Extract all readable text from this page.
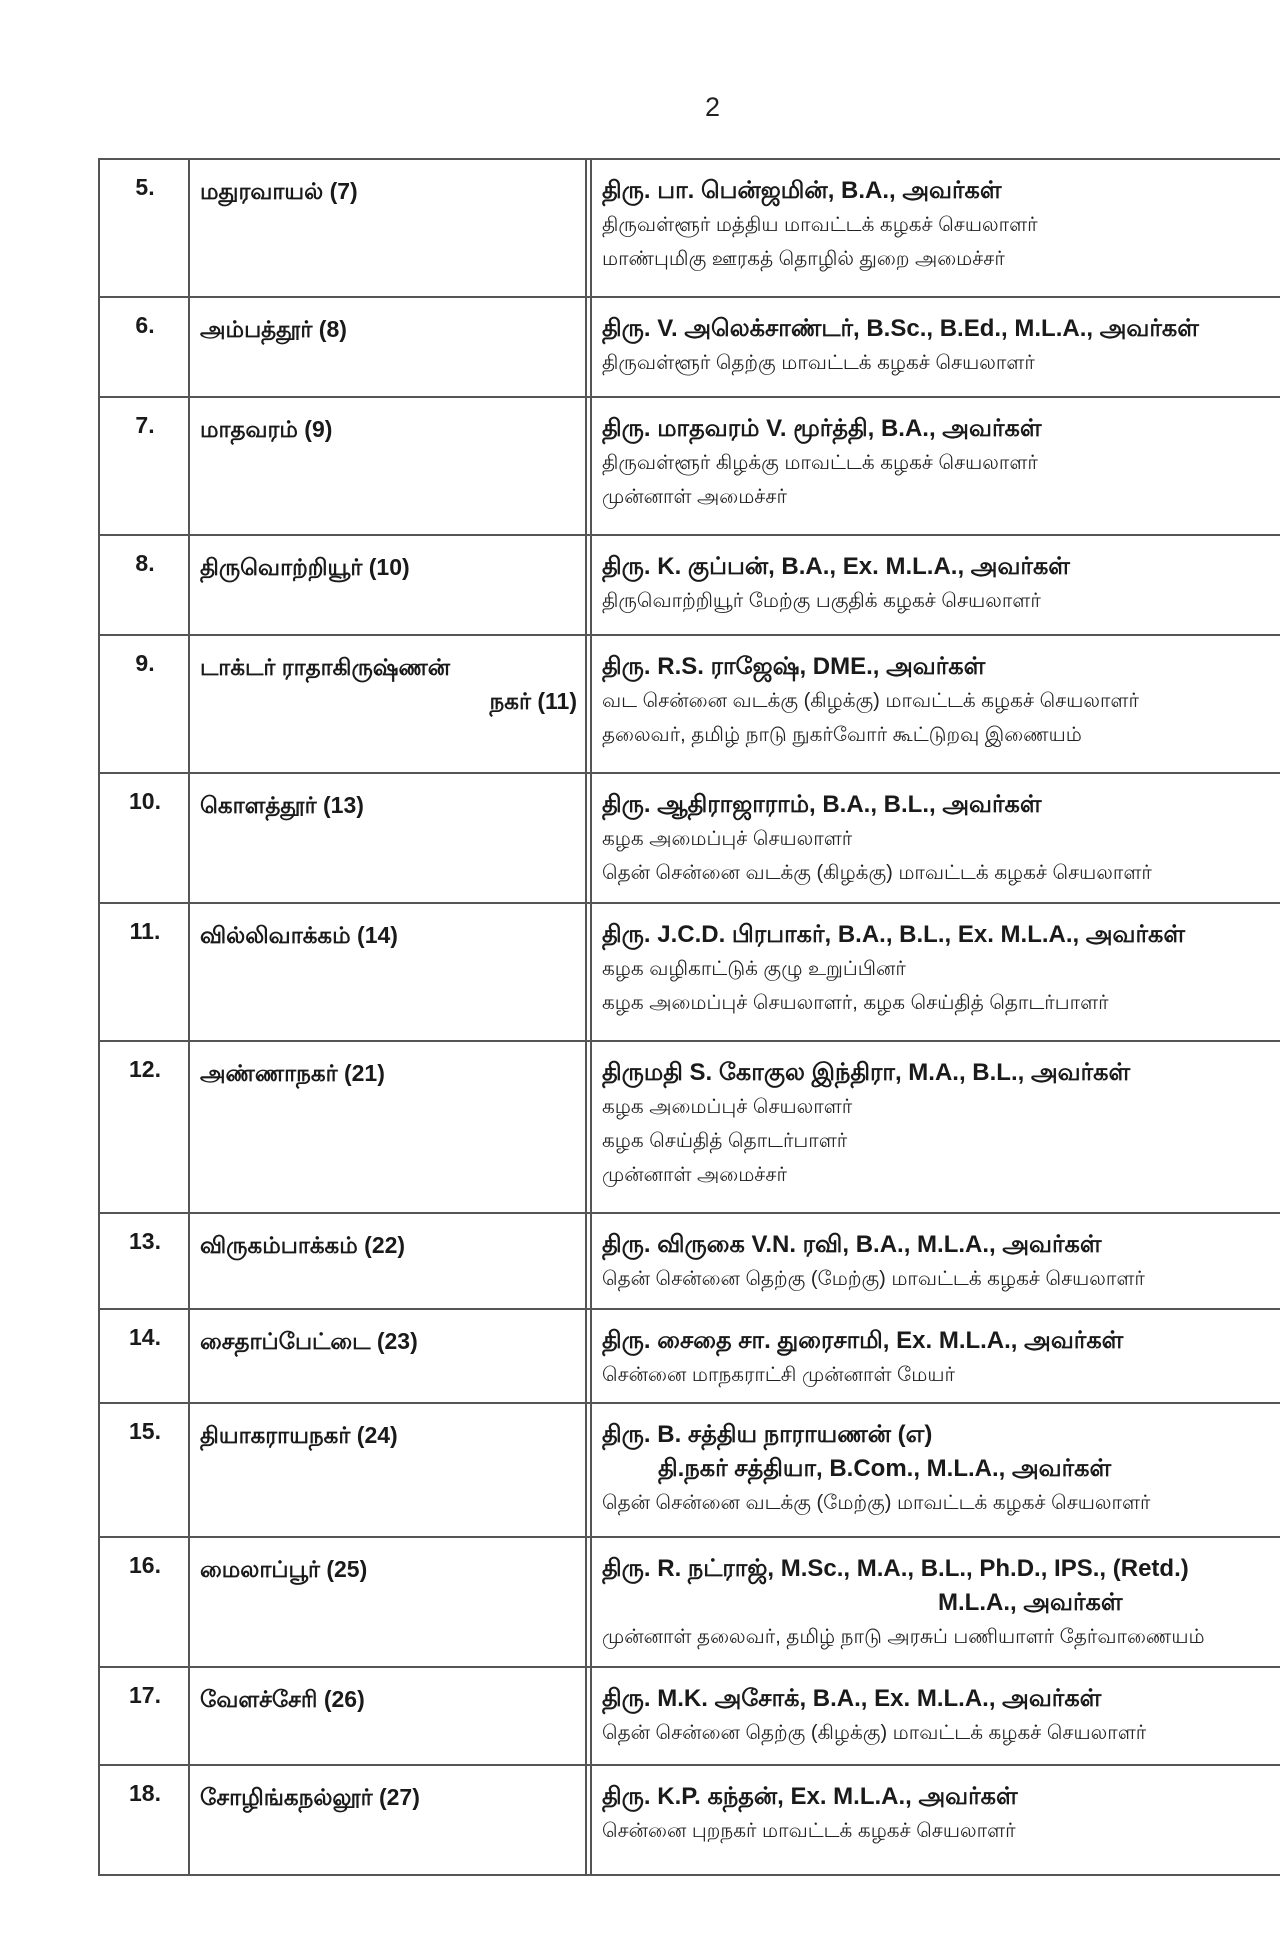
2
5.	மதுரவாயல் (7)		திரு. பா. பென்ஜமின், B.A., அவர்கள்
திருவள்ளூர் மத்திய மாவட்டக் கழகச் செயலாளர்
மாண்புமிகு ஊரகத் தொழில் துறை அமைச்சர்

6.	அம்பத்தூர் (8)		திரு. V. அலெக்சாண்டர், B.Sc., B.Ed., M.L.A., அவர்கள்
திருவள்ளூர் தெற்கு மாவட்டக் கழகச் செயலாளர்

7.	மாதவரம் (9)		திரு. மாதவரம் V. மூர்த்தி, B.A., அவர்கள்
திருவள்ளூர் கிழக்கு மாவட்டக் கழகச் செயலாளர்
முன்னாள் அமைச்சர்

8.	திருவொற்றியூர் (10)		திரு. K. குப்பன், B.A., Ex. M.L.A., அவர்கள்
திருவொற்றியூர் மேற்கு பகுதிக் கழகச் செயலாளர்

9.	டாக்டர் ராதாகிருஷ்ணன்
நகர் (11)		திரு. R.S. ராஜேஷ், DME., அவர்கள்
வட சென்னை வடக்கு (கிழக்கு) மாவட்டக் கழகச் செயலாளர்
தலைவர், தமிழ் நாடு நுகர்வோர் கூட்டுறவு இணையம்

10.	கொளத்தூர் (13)		திரு. ஆதிராஜாராம், B.A., B.L., அவர்கள்
கழக அமைப்புச் செயலாளர்
தென் சென்னை வடக்கு (கிழக்கு) மாவட்டக் கழகச் செயலாளர்

11.	வில்லிவாக்கம் (14)		திரு. J.C.D. பிரபாகர், B.A., B.L., Ex. M.L.A., அவர்கள்
கழக வழிகாட்டுக் குழு உறுப்பினர்
கழக அமைப்புச் செயலாளர், கழக செய்தித் தொடர்பாளர்

12.	அண்ணாநகர் (21)		திருமதி S. கோகுல இந்திரா, M.A., B.L., அவர்கள்
கழக அமைப்புச் செயலாளர்
கழக செய்தித் தொடர்பாளர்
முன்னாள் அமைச்சர்

13.	விருகம்பாக்கம் (22)		திரு. விருகை V.N. ரவி, B.A., M.L.A., அவர்கள்
தென் சென்னை தெற்கு (மேற்கு) மாவட்டக் கழகச் செயலாளர்

14.	சைதாப்பேட்டை (23)		திரு. சைதை சா. துரைசாமி, Ex. M.L.A., அவர்கள்
சென்னை மாநகராட்சி முன்னாள் மேயர்

15.	தியாகராயநகர் (24)		திரு. B. சத்திய நாராயணன் (எ)
தி.நகர் சத்தியா, B.Com., M.L.A., அவர்கள்
தென் சென்னை வடக்கு (மேற்கு) மாவட்டக் கழகச் செயலாளர்

16.	மைலாப்பூர் (25)		திரு. R. நட்ராஜ், M.Sc., M.A., B.L., Ph.D., IPS., (Retd.)
M.L.A., அவர்கள்
முன்னாள் தலைவர், தமிழ் நாடு அரசுப் பணியாளர் தேர்வாணையம்

17.	வேளச்சேரி (26)		திரு. M.K. அசோக், B.A., Ex. M.L.A., அவர்கள்
தென் சென்னை தெற்கு (கிழக்கு) மாவட்டக் கழகச் செயலாளர்

18.	சோழிங்கநல்லூர் (27)		திரு. K.P. கந்தன், Ex. M.L.A., அவர்கள்
சென்னை புறநகர் மாவட்டக் கழகச் செயலாளர்
